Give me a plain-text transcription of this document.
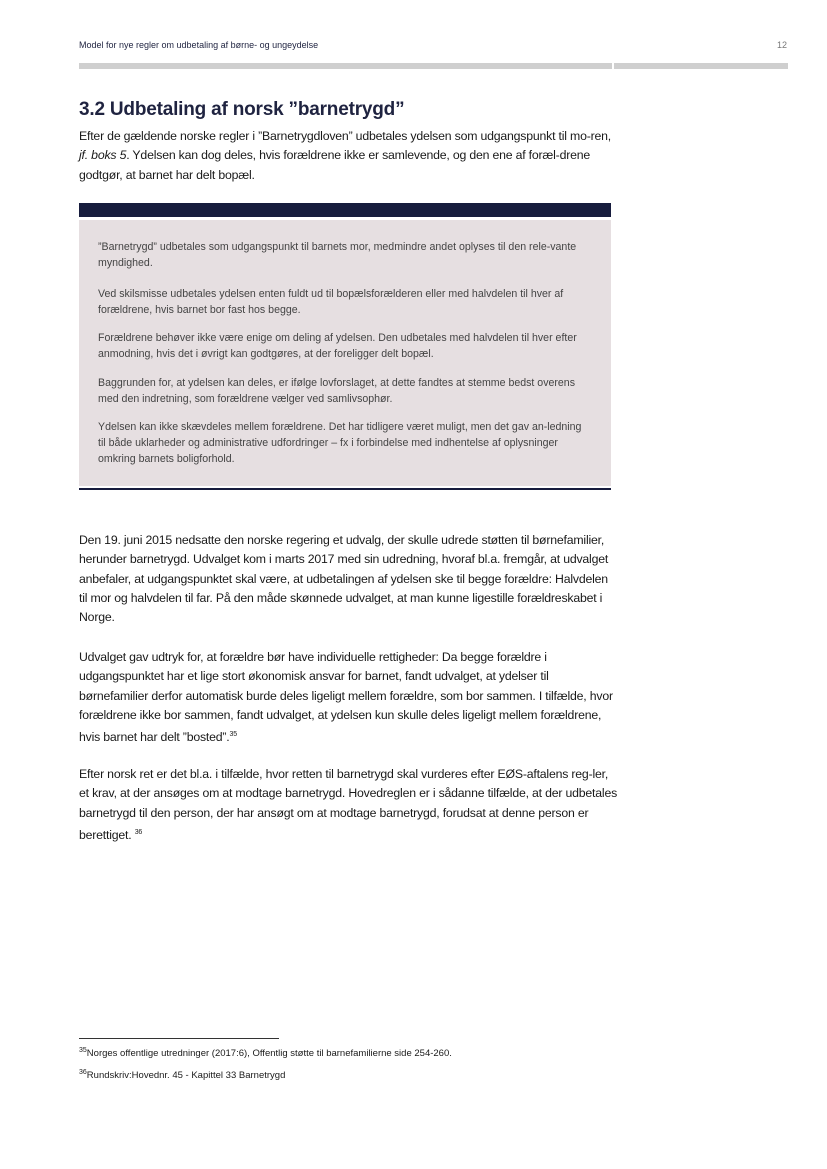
Model for nye regler om udbetaling af børne- og ungeydelse	12
3.2 Udbetaling af norsk ”barnetrygd”
Efter de gældende norske regler i ”Barnetrygdloven” udbetales ydelsen som udgangspunkt til mo-ren, jf. boks 5. Ydelsen kan dog deles, hvis forældrene ikke er samlevende, og den ene af foræl-drene godtgør, at barnet har delt bopæl.
”Barnetrygd” udbetales som udgangspunkt til barnets mor, medmindre andet oplyses til den rele-vante myndighed.
Ved skilsmisse udbetales ydelsen enten fuldt ud til bopælsforælderen eller med halvdelen til hver af forældrene, hvis barnet bor fast hos begge.
Forældrene behøver ikke være enige om deling af ydelsen. Den udbetales med halvdelen til hver efter anmodning, hvis det i øvrigt kan godtgøres, at der foreligger delt bopæl.
Baggrunden for, at ydelsen kan deles, er ifølge lovforslaget, at dette fandtes at stemme bedst overens med den indretning, som forældrene vælger ved samlivsophør.
Ydelsen kan ikke skævdeles mellem forældrene. Det har tidligere været muligt, men det gav an-ledning til både uklarheder og administrative udfordringer – fx i forbindelse med indhentelse af oplysninger omkring barnets boligforhold.
Den 19. juni 2015 nedsatte den norske regering et udvalg, der skulle udrede støtten til børnefamilier, herunder barnetrygd. Udvalget kom i marts 2017 med sin udredning, hvoraf bl.a. fremgår, at udvalget anbefaler, at udgangspunktet skal være, at udbetalingen af ydelsen ske til begge forældre: Halvdelen til mor og halvdelen til far. På den måde skønnede udvalget, at man kunne ligestille forældreskabet i Norge.
Udvalget gav udtryk for, at forældre bør have individuelle rettigheder: Da begge forældre i udgangspunktet har et lige stort økonomisk ansvar for barnet, fandt udvalget, at ydelser til børnefamilier derfor automatisk burde deles ligeligt mellem forældre, som bor sammen. I tilfælde, hvor forældrene ikke bor sammen, fandt udvalget, at ydelsen kun skulle deles ligeligt mellem forældrene, hvis barnet har delt ”bosted”.$^{35}$
Efter norsk ret er det bl.a. i tilfælde, hvor retten til barnetrygd skal vurderes efter EØS-aftalens reg-ler, et krav, at der ansøges om at modtage barnetrygd. Hovedreglen er i sådanne tilfælde, at der udbetales barnetrygd til den person, der har ansøgt om at modtage barnetrygd, forudsat at denne person er berettiget. $^{36}$
$^{35}$Norges offentlige utredninger (2017:6), Offentlig støtte til barnefamilierne side 254-260.
$^{36}$Rundskriv:Hovednr. 45 - Kapittel 33 Barnetrygd
